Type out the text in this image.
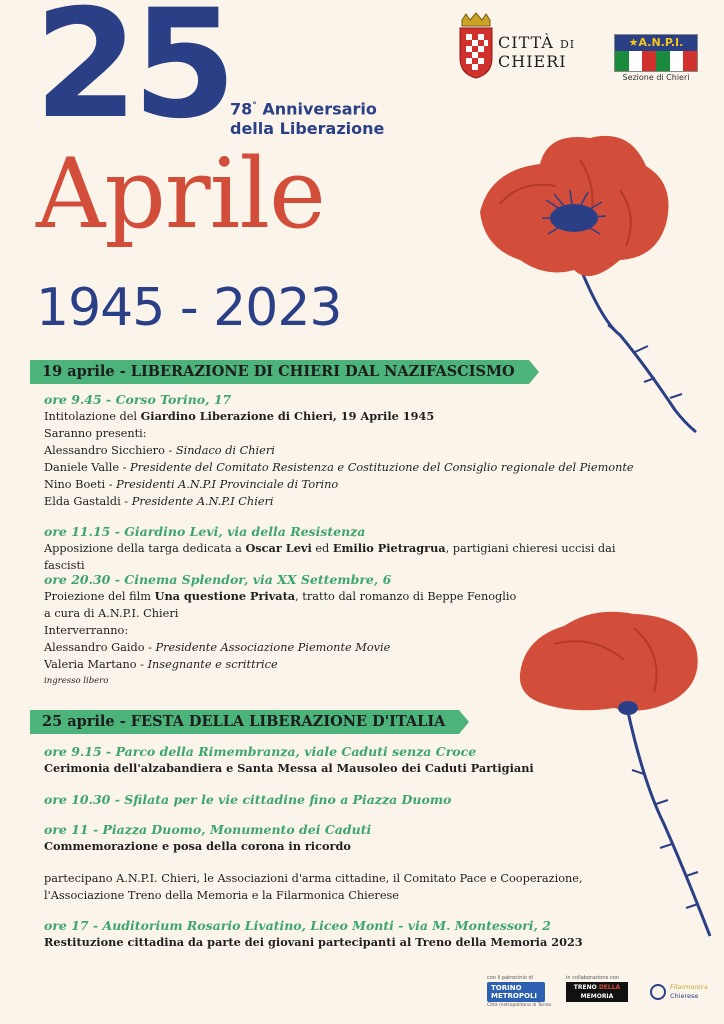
25 78° Anniversario
della Liberazione
Aprile
1945 - 2023
CITTÀ DI
CHIERI
★A.N.P.I.
Sezione di Chieri
19 aprile - LIBERAZIONE DI CHIERI DAL NAZIFASCISMO
ore 9.45 - Corso Torino, 17
Intitolazione del Giardino Liberazione di Chieri, 19 Aprile 1945
Saranno presenti:
Alessandro Sicchiero - Sindaco di Chieri
Daniele Valle - Presidente del Comitato Resistenza e Costituzione del Consiglio regionale del Piemonte
Nino Boeti - Presidenti A.N.P.I Provinciale di Torino
Elda Gastaldi - Presidente A.N.P.I Chieri
ore 11.15 - Giardino Levi, via della Resistenza
Apposizione della targa dedicata a Oscar Levi ed Emilio Pietragrua, partigiani chieresi uccisi dai fascisti
ore 20.30 - Cinema Splendor, via XX Settembre, 6
Proiezione del film Una questione Privata, tratto dal romanzo di Beppe Fenoglio
a cura di A.N.P.I. Chieri
Interverranno:
Alessandro Gaido - Presidente Associazione Piemonte Movie
Valeria Martano - Insegnante e scrittrice
ingresso libero
25 aprile - FESTA DELLA LIBERAZIONE D'ITALIA
ore 9.15 - Parco della Rimembranza, viale Caduti senza Croce
Cerimonia dell'alzabandiera e Santa Messa al Mausoleo dei Caduti Partigiani
ore 10.30 - Sfilata per le vie cittadine fino a Piazza Duomo
ore 11 - Piazza Duomo, Monumento dei Caduti
Commemorazione e posa della corona in ricordo
partecipano A.N.P.I. Chieri, le Associazioni d'arma cittadine, il Comitato Pace e Cooperazione,
l'Associazione Treno della Memoria e la Filarmonica Chierese
ore 17 - Auditorium Rosario Livatino, Liceo Monti - via M. Montessori, 2
Restituzione cittadina da parte dei giovani partecipanti al Treno della Memoria 2023
con il patrocinio di
TORINO
METROPOLI
Città metropolitana di Torino
in collaborazione con
TRENO DELLA
MEMORIA
Filarmonica
Chierese
